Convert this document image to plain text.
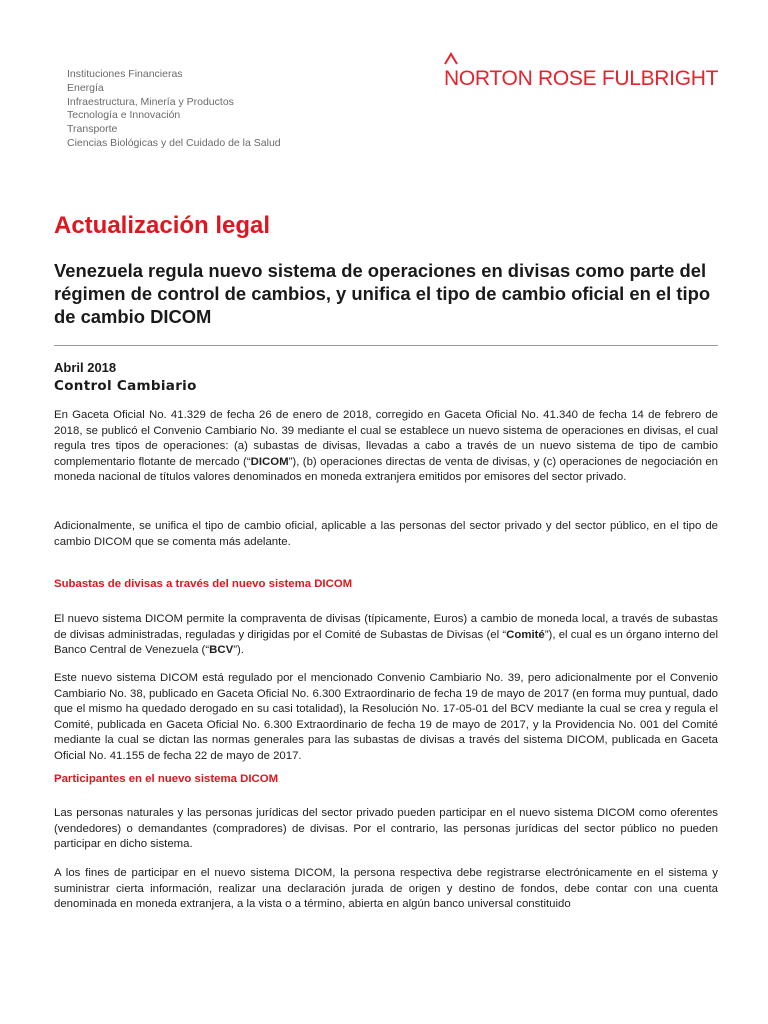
Instituciones Financieras
Energía
Infraestructura, Minería y Productos
Tecnología e Innovación
Transporte
Ciencias Biológicas y del Cuidado de la Salud
NORTON ROSE FULBRIGHT
Actualización legal
Venezuela regula nuevo sistema de operaciones en divisas como parte del régimen de control de cambios, y unifica el tipo de cambio oficial en el tipo de cambio DICOM
Abril 2018
Control Cambiario

En Gaceta Oficial No. 41.329 de fecha 26 de enero de 2018, corregido en Gaceta Oficial No. 41.340 de fecha 14 de febrero de 2018, se publicó el Convenio Cambiario No. 39 mediante el cual se establece un nuevo sistema de operaciones en divisas, el cual regula tres tipos de operaciones: (a) subastas de divisas, llevadas a cabo a través de un nuevo sistema de tipo de cambio complementario flotante de mercado (“DICOM”), (b) operaciones directas de venta de divisas, y (c) operaciones de negociación en moneda nacional de títulos valores denominados en moneda extranjera emitidos por emisores del sector privado.

Adicionalmente, se unifica el tipo de cambio oficial, aplicable a las personas del sector privado y del sector público, en el tipo de cambio DICOM que se comenta más adelante.

Subastas de divisas a través del nuevo sistema DICOM

El nuevo sistema DICOM permite la compraventa de divisas (típicamente, Euros) a cambio de moneda local, a través de subastas de divisas administradas, reguladas y dirigidas por el Comité de Subastas de Divisas (el “Comité”), el cual es un órgano interno del Banco Central de Venezuela (“BCV”).

Este nuevo sistema DICOM está regulado por el mencionado Convenio Cambiario No. 39, pero adicionalmente por el Convenio Cambiario No. 38, publicado en Gaceta Oficial No. 6.300 Extraordinario de fecha 19 de mayo de 2017 (en forma muy puntual, dado que el mismo ha quedado derogado en su casi totalidad), la Resolución No. 17-05-01 del BCV mediante la cual se crea y regula el Comité, publicada en Gaceta Oficial No. 6.300 Extraordinario de fecha 19 de mayo de 2017, y la Providencia No. 001 del Comité mediante la cual se dictan las normas generales para las subastas de divisas a través del sistema DICOM, publicada en Gaceta Oficial No. 41.155 de fecha 22 de mayo de 2017.

Participantes en el nuevo sistema DICOM

Las personas naturales y las personas jurídicas del sector privado pueden participar en el nuevo sistema DICOM como oferentes (vendedores) o demandantes (compradores) de divisas. Por el contrario, las personas jurídicas del sector público no pueden participar en dicho sistema.

A los fines de participar en el nuevo sistema DICOM, la persona respectiva debe registrarse electrónicamente en el sistema y suministrar cierta información, realizar una declaración jurada de origen y destino de fondos, debe contar con una cuenta denominada en moneda extranjera, a la vista o a término, abierta en algún banco universal constituido
